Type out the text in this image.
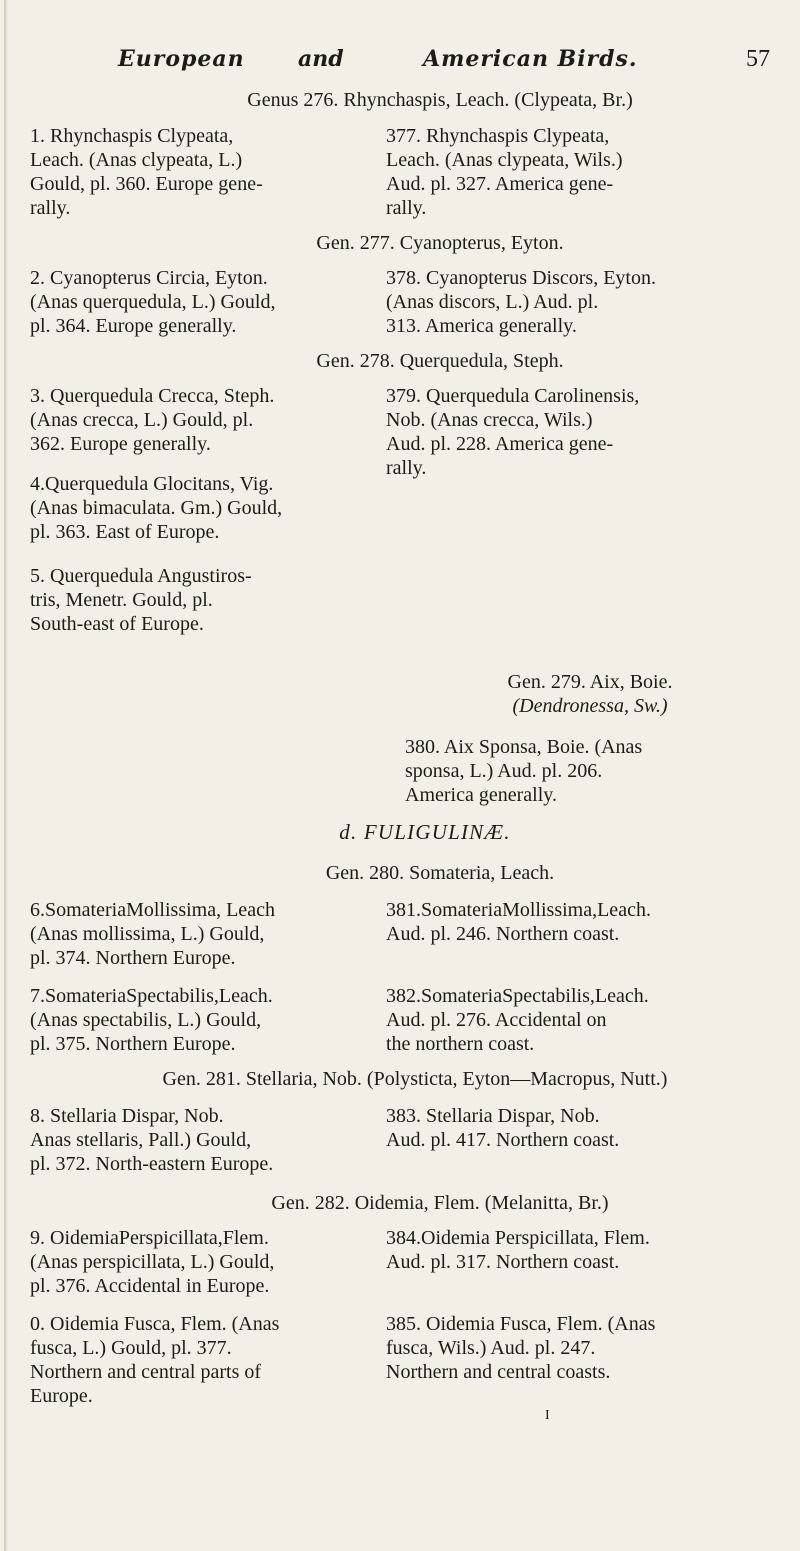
European and	American Birds.	57
Genus 276. Rhynchaspis, Leach. (Clypeata, Br.)
1. Rhynchaspis Clypeata,
Leach. (Anas clypeata, L.)
Gould, pl. 360. Europe gene-
rally.
377. Rhynchaspis Clypeata,
Leach. (Anas clypeata, Wils.)
Aud. pl. 327. America gene-
rally.
Gen. 277. Cyanopterus, Eyton.
2. Cyanopterus Circia, Eyton.
(Anas querquedula, L.) Gould,
pl. 364. Europe generally.
378. Cyanopterus Discors, Eyton.
(Anas discors, L.) Aud. pl.
313. America generally.
Gen. 278. Querquedula, Steph.
3. Querquedula Crecca, Steph.
(Anas crecca, L.) Gould, pl.
362. Europe generally.
4.Querquedula Glocitans, Vig.
(Anas bimaculata. Gm.) Gould,
pl. 363. East of Europe.
5. Querquedula Angustiros-
tris, Menetr. Gould, pl.
South-east of Europe.
379. Querquedula Carolinensis,
Nob. (Anas crecca, Wils.)
Aud. pl. 228. America gene-
rally.
Gen. 279. Aix, Boie.
(Dendronessa, Sw.)
380. Aix Sponsa, Boie. (Anas
sponsa, L.) Aud. pl. 206.
America generally.
d. FULIGULINÆ.
Gen. 280. Somateria, Leach.
6.SomateriaMollissima, Leach
(Anas mollissima, L.) Gould,
pl. 374. Northern Europe.
7.SomateriaSpectabilis,Leach.
(Anas spectabilis, L.) Gould,
pl. 375. Northern Europe.
381.SomateriaMollissima,Leach.
Aud. pl. 246. Northern coast.
382.SomateriaSpectabilis,Leach.
Aud. pl. 276. Accidental on
the northern coast.
Gen. 281. Stellaria, Nob. (Polysticta, Eyton—Macropus, Nutt.)
8. Stellaria Dispar, Nob.
Anas stellaris, Pall.) Gould,
pl. 372. North-eastern Europe.
383. Stellaria Dispar, Nob.
Aud. pl. 417. Northern coast.
Gen. 282. Oidemia, Flem. (Melanitta, Br.)
9. OidemiaPerspicillata,Flem.
(Anas perspicillata, L.) Gould,
pl. 376. Accidental in Europe.
0. Oidemia Fusca, Flem. (Anas
fusca, L.) Gould, pl. 377.
Northern and central parts of
Europe.
384.Oidemia Perspicillata, Flem.
Aud. pl. 317. Northern coast.
385. Oidemia Fusca, Flem. (Anas
fusca, Wils.) Aud. pl. 247.
Northern and central coasts.
I
